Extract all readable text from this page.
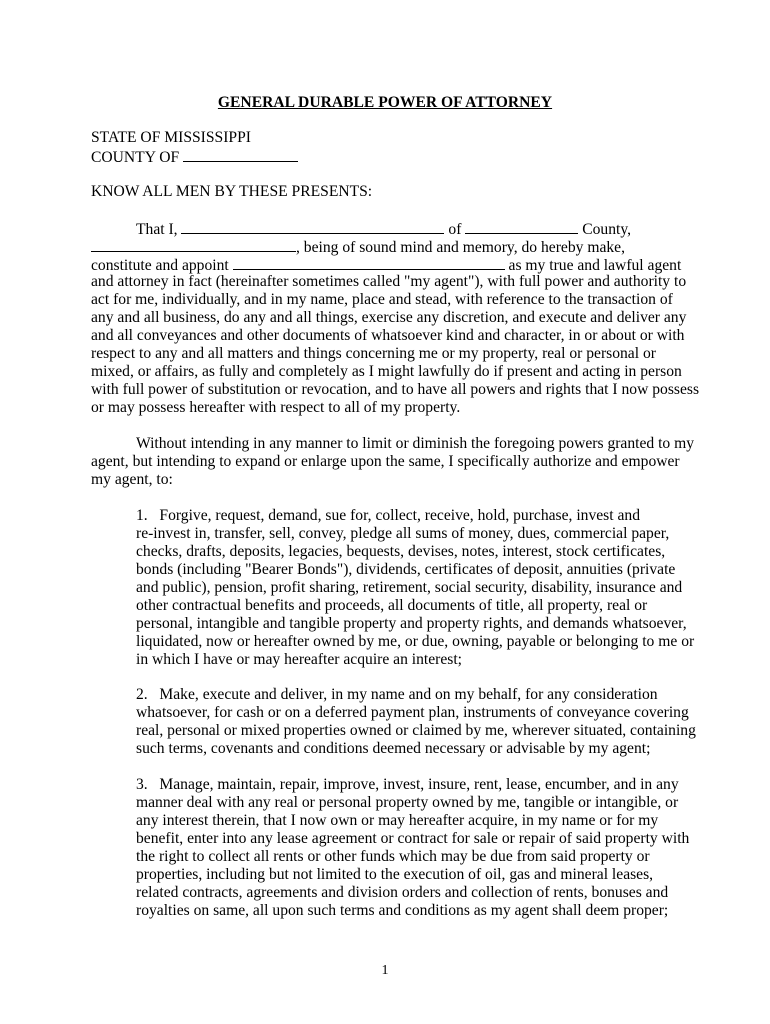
GENERAL DURABLE POWER OF ATTORNEY
STATE OF MISSISSIPPI
COUNTY OF
KNOW ALL MEN BY THESE PRESENTS:
That I,	of	County,
, being of sound mind and memory, do hereby make,
constitute and appoint	as my true and lawful agent
and attorney in fact (hereinafter sometimes called "my agent"), with full power and authority to
act for me, individually, and in my name, place and stead, with reference to the transaction of
any and all business, do any and all things, exercise any discretion, and execute and deliver any
and all conveyances and other documents of whatsoever kind and character, in or about or with
respect to any and all matters and things concerning me or my property, real or personal or
mixed, or affairs, as fully and completely as I might lawfully do if present and acting in person
with full power of substitution or revocation, and to have all powers and rights that I now possess
or may possess hereafter with respect to all of my property.
Without intending in any manner to limit or diminish the foregoing powers granted to my
agent, but intending to expand or enlarge upon the same, I specifically authorize and empower
my agent, to:
1.   Forgive, request, demand, sue for, collect, receive, hold, purchase, invest and
re-invest in, transfer, sell, convey, pledge all sums of money, dues, commercial paper,
checks, drafts, deposits, legacies, bequests, devises, notes, interest, stock certificates,
bonds (including "Bearer Bonds"), dividends, certificates of deposit, annuities (private
and public), pension, profit sharing, retirement, social security, disability, insurance and
other contractual benefits and proceeds, all documents of title, all property, real or
personal, intangible and tangible property and property rights, and demands whatsoever,
liquidated, now or hereafter owned by me, or due, owning, payable or belonging to me or
in which I have or may hereafter acquire an interest;
2.   Make, execute and deliver, in my name and on my behalf, for any consideration
whatsoever, for cash or on a deferred payment plan, instruments of conveyance covering
real, personal or mixed properties owned or claimed by me, wherever situated, containing
such terms, covenants and conditions deemed necessary or advisable by my agent;
3.   Manage, maintain, repair, improve, invest, insure, rent, lease, encumber, and in any
manner deal with any real or personal property owned by me, tangible or intangible, or
any interest therein, that I now own or may hereafter acquire, in my name or for my
benefit, enter into any lease agreement or contract for sale or repair of said property with
the right to collect all rents or other funds which may be due from said property or
properties, including but not limited to the execution of oil, gas and mineral leases,
related contracts, agreements and division orders and collection of rents, bonuses and
royalties on same, all upon such terms and conditions as my agent shall deem proper;
1
